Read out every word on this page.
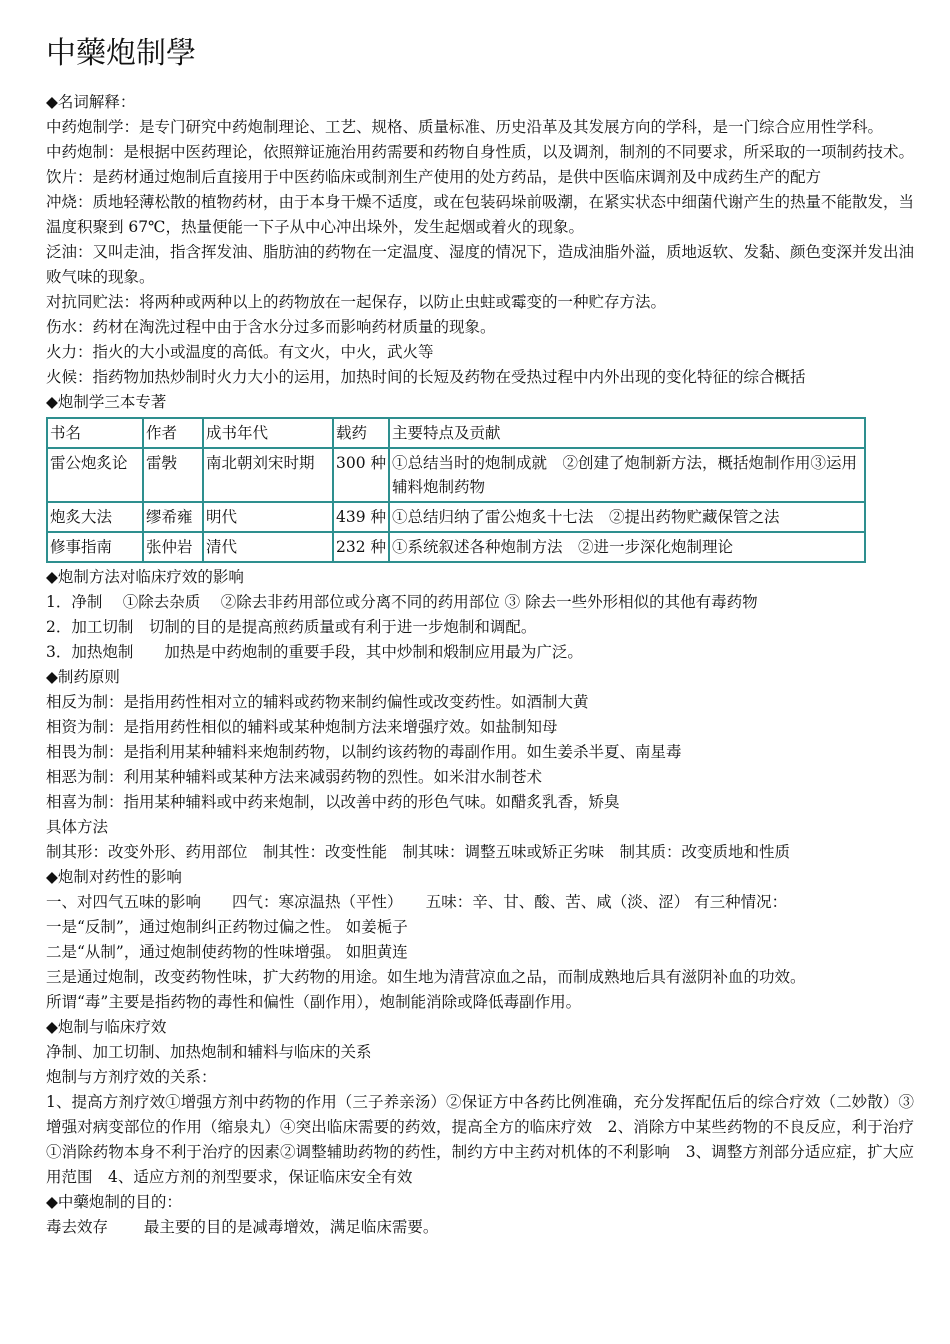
中藥炮制學

◆名词解释：

中药炮制学：是专门研究中药炮制理论、工艺、规格、质量标准、历史沿革及其发展方向的学科，是一门综合应用性学科。

中药炮制：是根据中医药理论，依照辩证施治用药需要和药物自身性质，以及调剂，制剂的不同要求，所采取的一项制药技术。

饮片：是药材通过炮制后直接用于中医药临床或制剂生产使用的处方药品，是供中医临床调剂及中成药生产的配方

冲烧：质地轻薄松散的植物药材，由于本身干燥不适度，或在包装码垛前吸潮，在紧实状态中细菌代谢产生的热量不能散发，当温度积聚到 67℃，热量便能一下子从中心冲出垛外，发生起烟或着火的现象。

泛油：又叫走油，指含挥发油、脂肪油的药物在一定温度、湿度的情况下，造成油脂外溢，质地返软、发黏、颜色变深并发出油败气味的现象。

对抗同贮法：将两种或两种以上的药物放在一起保存，以防止虫蛀或霉变的一种贮存方法。

伤水：药材在淘洗过程中由于含水分过多而影响药材质量的现象。

火力：指火的大小或温度的高低。有文火，中火，武火等

火候：指药物加热炒制时火力大小的运用，加热时间的长短及药物在受热过程中内外出现的变化特征的综合概括

◆炮制学三本专著

书名	作者	成书年代	载药	主要特点及贡献
雷公炮炙论	雷斅	南北朝刘宋时期	300 种	①总结当时的炮制成就　②创建了炮制新方法，概括炮制作用③运用辅料炮制药物
炮炙大法	缪希雍	明代	439 种	①总结归纳了雷公炮炙十七法　②提出药物贮藏保管之法
修事指南	张仲岩	清代	232 种	①系统叙述各种炮制方法　②进一步深化炮制理论

◆炮制方法对临床疗效的影响

1．净制　 ①除去杂质　 ②除去非药用部位或分离不同的药用部位 ③ 除去一些外形相似的其他有毒药物

2．加工切制　切制的目的是提高煎药质量或有利于进一步炮制和调配。

3．加热炮制　　加热是中药炮制的重要手段，其中炒制和煅制应用最为广泛。

◆制药原则

相反为制：是指用药性相对立的辅料或药物来制约偏性或改变药性。如酒制大黄

相资为制：是指用药性相似的辅料或某种炮制方法来增强疗效。如盐制知母

相畏为制：是指利用某种辅料来炮制药物，以制约该药物的毒副作用。如生姜杀半夏、南星毒

相恶为制：利用某种辅料或某种方法来减弱药物的烈性。如米泔水制苍术

相喜为制：指用某种辅料或中药来炮制，以改善中药的形色气味。如醋炙乳香，矫臭

具体方法

制其形：改变外形、药用部位　制其性：改变性能　制其味：调整五味或矫正劣味　制其质：改变质地和性质

◆炮制对药性的影响

一、对四气五味的影响　　四气：寒凉温热（平性）　　五味：辛、甘、酸、苦、咸（淡、涩） 有三种情况：

一是“反制”，通过炮制纠正药物过偏之性。 如姜栀子

二是“从制”，通过炮制使药物的性味增强。 如胆黄连

三是通过炮制，改变药物性味，扩大药物的用途。如生地为清营凉血之品，而制成熟地后具有滋阴补血的功效。

所谓“毒”主要是指药物的毒性和偏性（副作用），炮制能消除或降低毒副作用。

◆炮制与临床疗效

净制、加工切制、加热炮制和辅料与临床的关系

炮制与方剂疗效的关系：

1、提高方剂疗效①增强方剂中药物的作用（三子养亲汤）②保证方中各药比例准确，充分发挥配伍后的综合疗效（二妙散）③增强对病变部位的作用（缩泉丸）④突出临床需要的药效，提高全方的临床疗效　2、消除方中某些药物的不良反应，利于治疗①消除药物本身不利于治疗的因素②调整辅助药物的药性，制约方中主药对机体的不利影响　3、调整方剂部分适应症，扩大应用范围　4、适应方剂的剂型要求，保证临床安全有效

◆中藥炮制的目的：

毒去效存　　 最主要的目的是减毒增效，满足临床需要。
